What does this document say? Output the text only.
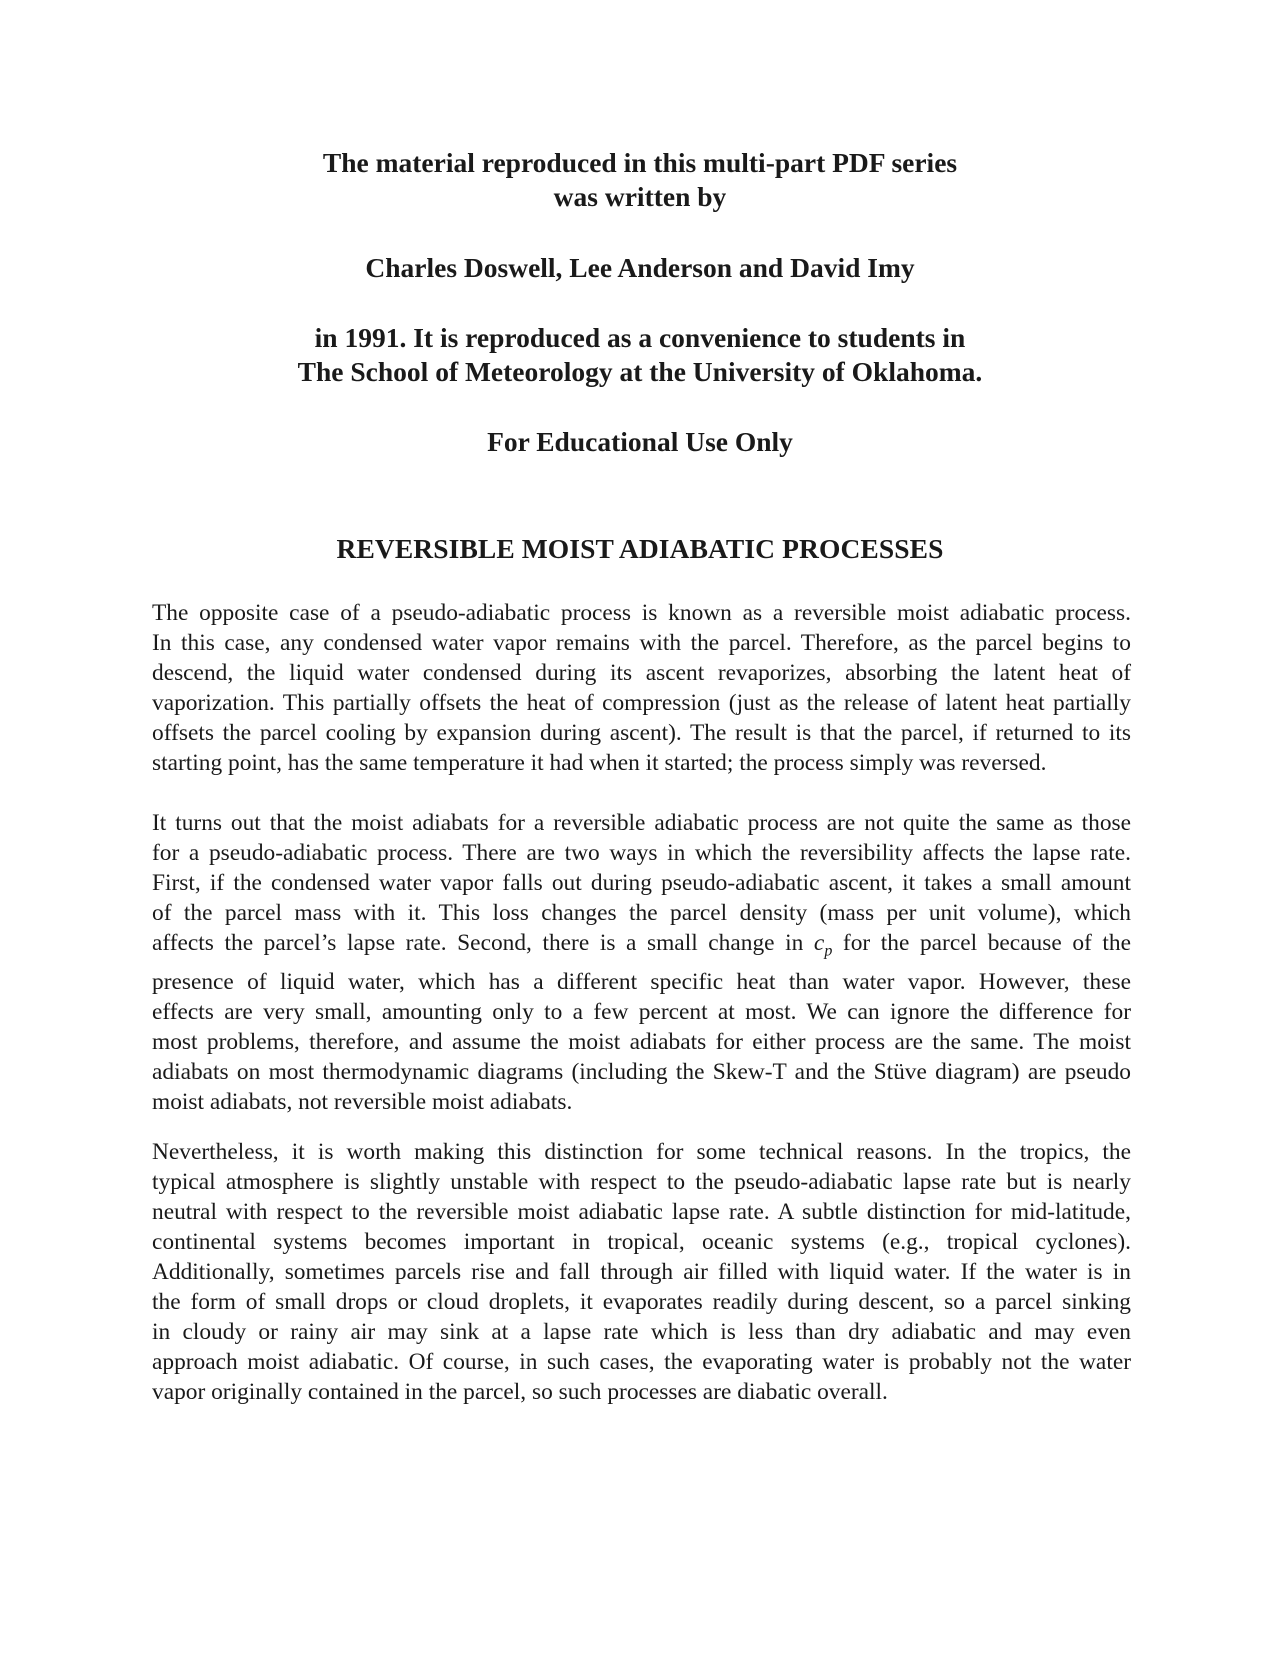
The material reproduced in this multi-part PDF series
was written by
Charles Doswell, Lee Anderson and David Imy
in 1991. It is reproduced as a convenience to students in
The School of Meteorology at the University of Oklahoma.
For Educational Use Only
REVERSIBLE MOIST ADIABATIC PROCESSES

The opposite case of a pseudo-adiabatic process is known as a reversible moist adiabatic process.
In this case, any condensed water vapor remains with the parcel. Therefore, as the parcel begins to
descend, the liquid water condensed during its ascent revaporizes, absorbing the latent heat of
vaporization. This partially offsets the heat of compression (just as the release of latent heat partially
offsets the parcel cooling by expansion during ascent). The result is that the parcel, if returned to its
starting point, has the same temperature it had when it started; the process simply was reversed.

It turns out that the moist adiabats for a reversible adiabatic process are not quite the same as those
for a pseudo-adiabatic process. There are two ways in which the reversibility affects the lapse rate.
First, if the condensed water vapor falls out during pseudo-adiabatic ascent, it takes a small amount
of the parcel mass with it. This loss changes the parcel density (mass per unit volume), which
affects the parcel’s lapse rate. Second, there is a small change in $c_p$ for the parcel because of the
presence of liquid water, which has a different specific heat than water vapor. However, these
effects are very small, amounting only to a few percent at most. We can ignore the difference for
most problems, therefore, and assume the moist adiabats for either process are the same. The moist
adiabats on most thermodynamic diagrams (including the Skew-T and the Stüve diagram) are pseudo
moist adiabats, not reversible moist adiabats.

Nevertheless, it is worth making this distinction for some technical reasons. In the tropics, the
typical atmosphere is slightly unstable with respect to the pseudo-adiabatic lapse rate but is nearly
neutral with respect to the reversible moist adiabatic lapse rate. A subtle distinction for mid-latitude,
continental systems becomes important in tropical, oceanic systems (e.g., tropical cyclones).
Additionally, sometimes parcels rise and fall through air filled with liquid water. If the water is in
the form of small drops or cloud droplets, it evaporates readily during descent, so a parcel sinking
in cloudy or rainy air may sink at a lapse rate which is less than dry adiabatic and may even
approach moist adiabatic. Of course, in such cases, the evaporating water is probably not the water
vapor originally contained in the parcel, so such processes are diabatic overall.
